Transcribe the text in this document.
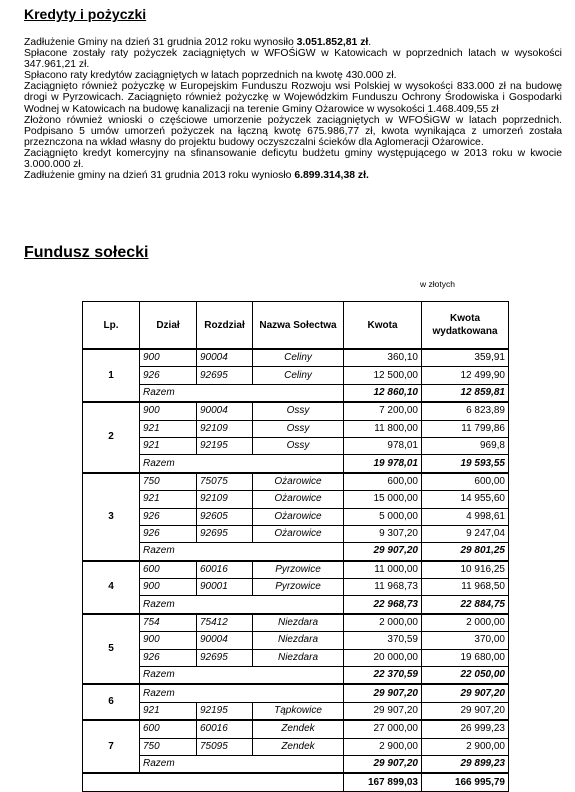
Kredyty i pożyczki

Zadłużenie Gminy na dzień 31 grudnia 2012 roku wynosiło 3.051.852,81 zł.

Spłacone zostały raty pożyczek zaciągniętych w WFOŚiGW w Katowicach w poprzednich latach w wysokości 347.961,21 zł.

Spłacono raty kredytów zaciągniętych w latach poprzednich na kwotę 430.000 zł.

Zaciągnięto również pożyczkę w Europejskim Funduszu Rozwoju wsi Polskiej w wysokości 833.000 zł na budowę drogi w Pyrzowicach. Zaciągnięto również pożyczkę w Wojewódzkim Funduszu Ochrony Środowiska i Gospodarki Wodnej w Katowicach na budowę kanalizacji na terenie Gminy Ożarowice w wysokości 1.468.409,55 zł

Złożono również wnioski o częściowe umorzenie pożyczek zaciągniętych w WFOŚiGW w latach poprzednich. Podpisano 5 umów umorzeń pożyczek na łączną kwotę 675.986,77 zł, kwota wynikająca z umorzeń została przeznczona na wkład własny do projektu budowy oczyszczalni ścieków dla Aglomeracji Ożarowice.

Zaciągnięto kredyt komercyjny na sfinansowanie deficytu budżetu gminy występującego w 2013 roku w kwocie 3.000.000 zł.

Zadłużenie gminy na dzień 31 grudnia 2013 roku wyniosło 6.899.314,38 zł.

Fundusz sołecki
w złotych
Lp.	Dział	Rozdział	Nazwa Sołectwa	Kwota	Kwota wydatkowana
1	900	90004	Celiny	360,10	359,91
	926	92695	Celiny	12 500,00	12 499,90
	Razem			12 860,10	12 859,81
2	900	90004	Ossy	7 200,00	6 823,89
	921	92109	Ossy	11 800,00	11 799,86
	921	92195	Ossy	978,01	969,8
	Razem			19 978,01	19 593,55
3	750	75075	Ożarowice	600,00	600,00
	921	92109	Ożarowice	15 000,00	14 955,60
	926	92605	Ożarowice	5 000,00	4 998,61
	926	92695	Ożarowice	9 307,20	9 247,04
	Razem			29 907,20	29 801,25
4	600	60016	Pyrzowice	11 000,00	10 916,25
	900	90001	Pyrzowice	11 968,73	11 968,50
	Razem			22 968,73	22 884,75
5	754	75412	Niezdara	2 000,00	2 000,00
	900	90004	Niezdara	370,59	370,00
	926	92695	Niezdara	20 000,00	19 680,00
	Razem			22 370,59	22 050,00
6	Razem			29 907,20	29 907,20
	921	92195	Tąpkowice	29 907,20	29 907,20
7	600	60016	Zendek	27 000,00	26 999,23
	750	75095	Zendek	2 900,00	2 900,00
	Razem			29 907,20	29 899,23
				167 899,03	166 995,79
